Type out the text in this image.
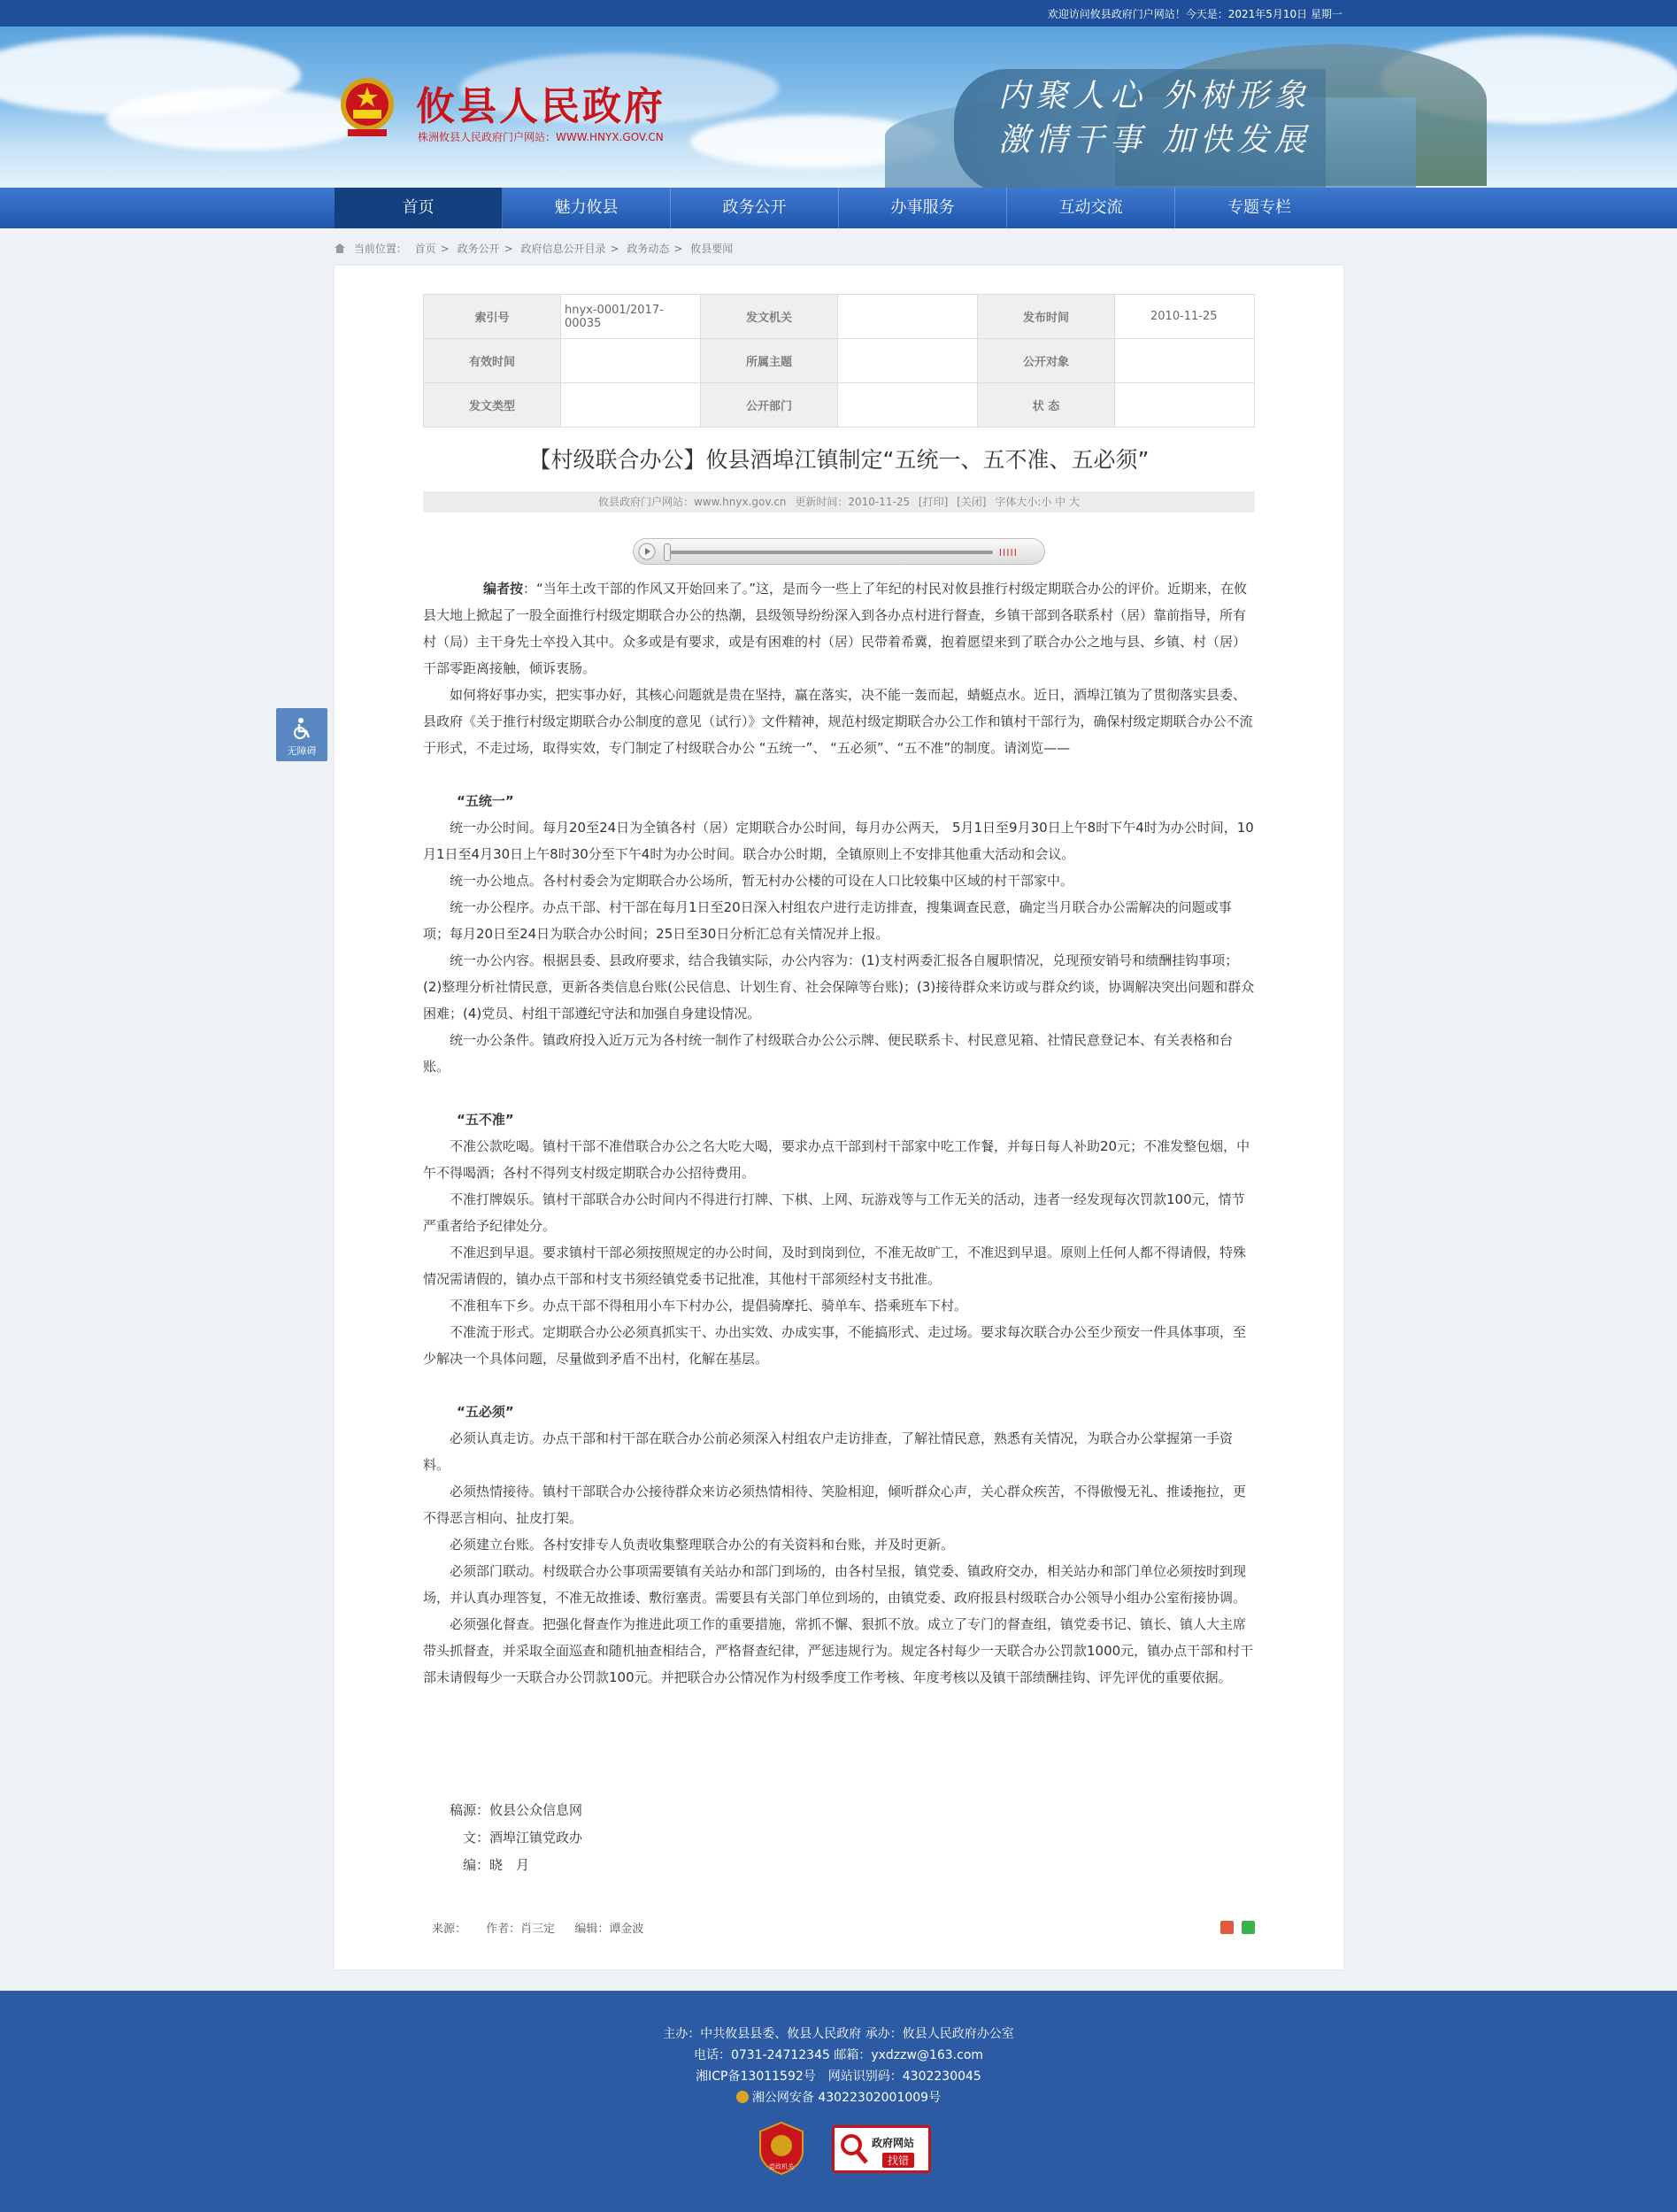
欢迎访问攸县政府门户网站！今天是：2021年5月10日 星期一
内聚人心 外树形象
激情干事 加快发展
攸县人民政府
株洲攸县人民政府门户网站：WWW.HNYX.GOV.CN
首页	魅力攸县	政务公开	办事服务	互动交流	专题专栏
当前位置： 首页 > 政务公开 > 政府信息公开目录 > 政务动态 > 攸县要闻
无障碍
索引号	hnyx-0001/2017-00035	发文机关		发布时间	2010-11-25
有效时间		所属主题		公开对象	
发文类型		公开部门		状 态	
【村级联合办公】攸县酒埠江镇制定“五统一、五不准、五必须”
攸县政府门户网站：www.hnyx.gov.cn 更新时间：2010-11-25 [打印] [关闭] 字体大小:小 中 大
IIIII

编者按：“当年土改干部的作风又开始回来了。”这，是而今一些上了年纪的村民对攸县推行村级定期联合办公的评价。近期来，在攸县大地上掀起了一股全面推行村级定期联合办公的热潮，县级领导纷纷深入到各办点村进行督查，乡镇干部到各联系村（居）靠前指导，所有村（局）主干身先士卒投入其中。众多或是有要求，或是有困难的村（居）民带着希冀，抱着愿望来到了联合办公之地与县、乡镇、村（居）干部零距离接触，倾诉衷肠。

如何将好事办实，把实事办好，其核心问题就是贵在坚持，赢在落实，决不能一轰而起，蜻蜓点水。近日，酒埠江镇为了贯彻落实县委、县政府《关于推行村级定期联合办公制度的意见（试行）》文件精神，规范村级定期联合办公工作和镇村干部行为，确保村级定期联合办公不流于形式，不走过场，取得实效，专门制定了村级联合办公 “五统一”、 “五必须”、“五不准”的制度。请浏览——

“五统一”

统一办公时间。每月20至24日为全镇各村（居）定期联合办公时间，每月办公两天， 5月1日至9月30日上午8时下午4时为办公时间，10月1日至4月30日上午8时30分至下午4时为办公时间。联合办公时期，全镇原则上不安排其他重大活动和会议。

统一办公地点。各村村委会为定期联合办公场所，暂无村办公楼的可设在人口比较集中区域的村干部家中。

统一办公程序。办点干部、村干部在每月1日至20日深入村组农户进行走访排查，搜集调查民意，确定当月联合办公需解决的问题或事项；每月20日至24日为联合办公时间；25日至30日分析汇总有关情况并上报。

统一办公内容。根据县委、县政府要求，结合我镇实际，办公内容为：(1)支村两委汇报各自履职情况，兑现预安销号和绩酬挂钩事项；(2)整理分析社情民意，更新各类信息台账(公民信息、计划生育、社会保障等台账)；(3)接待群众来访或与群众约谈，协调解决突出问题和群众困难；(4)党员、村组干部遵纪守法和加强自身建设情况。

统一办公条件。镇政府投入近万元为各村统一制作了村级联合办公公示牌、便民联系卡、村民意见箱、社情民意登记本、有关表格和台账。

“五不准”

不准公款吃喝。镇村干部不准借联合办公之名大吃大喝，要求办点干部到村干部家中吃工作餐，并每日每人补助20元；不准发整包烟，中午不得喝酒；各村不得列支村级定期联合办公招待费用。

不准打牌娱乐。镇村干部联合办公时间内不得进行打牌、下棋、上网、玩游戏等与工作无关的活动，违者一经发现每次罚款100元，情节严重者给予纪律处分。

不准迟到早退。要求镇村干部必须按照规定的办公时间，及时到岗到位，不准无故旷工，不准迟到早退。原则上任何人都不得请假，特殊情况需请假的，镇办点干部和村支书须经镇党委书记批准，其他村干部须经村支书批准。

不准租车下乡。办点干部不得租用小车下村办公，提倡骑摩托、骑单车、搭乘班车下村。

不准流于形式。定期联合办公必须真抓实干、办出实效、办成实事，不能搞形式、走过场。要求每次联合办公至少预安一件具体事项，至少解决一个具体问题，尽量做到矛盾不出村，化解在基层。

“五必须”

必须认真走访。办点干部和村干部在联合办公前必须深入村组农户走访排查，了解社情民意，熟悉有关情况，为联合办公掌握第一手资料。

必须热情接待。镇村干部联合办公接待群众来访必须热情相待、笑脸相迎，倾听群众心声，关心群众疾苦，不得傲慢无礼、推诿拖拉，更不得恶言相向、扯皮打架。

必须建立台账。各村安排专人负责收集整理联合办公的有关资料和台账，并及时更新。

必须部门联动。村级联合办公事项需要镇有关站办和部门到场的，由各村呈报，镇党委、镇政府交办，相关站办和部门单位必须按时到现场，并认真办理答复，不准无故推诿、敷衍塞责。需要县有关部门单位到场的，由镇党委、政府报县村级联合办公领导小组办公室衔接协调。

必须强化督查。把强化督查作为推进此项工作的重要措施，常抓不懈、狠抓不放。成立了专门的督查组，镇党委书记、镇长、镇人大主席带头抓督查，并采取全面巡查和随机抽查相结合，严格督查纪律，严惩违规行为。规定各村每少一天联合办公罚款1000元，镇办点干部和村干部未请假每少一天联合办公罚款100元。并把联合办公情况作为村级季度工作考核、年度考核以及镇干部绩酬挂钩、评先评优的重要依据。

稿源：攸县公众信息网
文：酒埠江镇党政办
编：晓　月
来源： 作者：肖三定 编辑：谭金波

主办：中共攸县县委、攸县人民政府 承办：攸县人民政府办公室
电话：0731-24712345 邮箱：yxdzzw@163.com
湘ICP备13011592号　网站识别码：4302230045
湘公网安备 43022302001009号
党政机关
政府网站
找错
